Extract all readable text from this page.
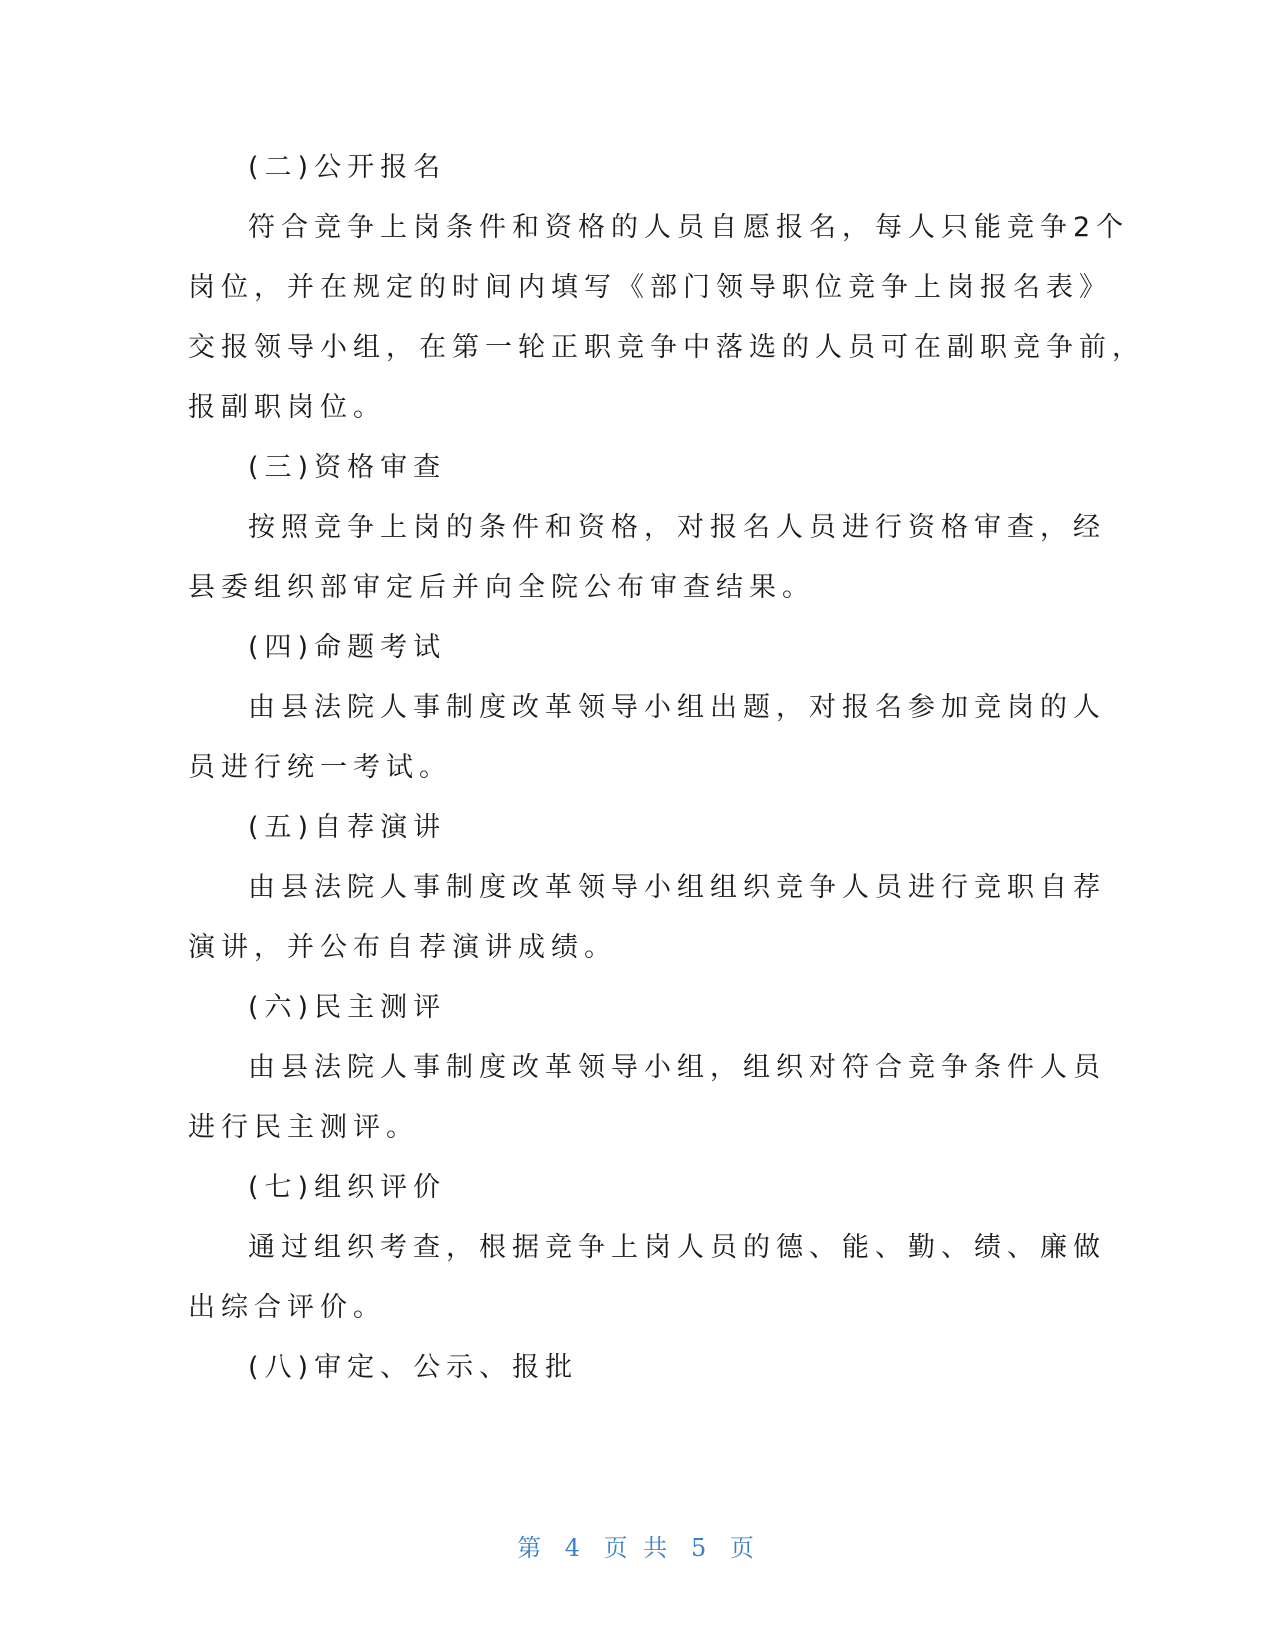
(二)公开报名
符合竞争上岗条件和资格的人员自愿报名，每人只能竞争2个
岗位，并在规定的时间内填写《部门领导职位竞争上岗报名表》
交报领导小组，在第一轮正职竞争中落选的人员可在副职竞争前，
报副职岗位。
(三)资格审查
按照竞争上岗的条件和资格，对报名人员进行资格审查，经
县委组织部审定后并向全院公布审查结果。
(四)命题考试
由县法院人事制度改革领导小组出题，对报名参加竞岗的人
员进行统一考试。
(五)自荐演讲
由县法院人事制度改革领导小组组织竞争人员进行竞职自荐
演讲，并公布自荐演讲成绩。
(六)民主测评
由县法院人事制度改革领导小组，组织对符合竞争条件人员
进行民主测评。
(七)组织评价
通过组织考查，根据竞争上岗人员的德、能、勤、绩、廉做
出综合评价。
(八)审定、公示、报批
第 4 页 共 5 页
